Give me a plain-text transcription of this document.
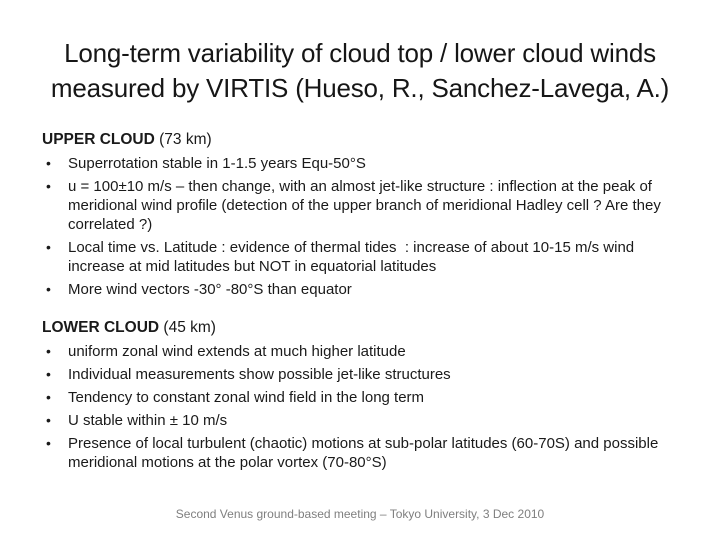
Long-term variability of cloud top / lower cloud winds
measured by VIRTIS (Hueso, R., Sanchez-Lavega, A.)

UPPER CLOUD (73 km)

• Superrotation stable in 1-1.5 years Equ-50°S
• u = 100±10 m/s – then change, with an almost jet-like structure : inflection at the peak of meridional wind profile (detection of the upper branch of meridional Hadley cell ? Are they correlated ?)
• Local time vs. Latitude : evidence of thermal tides  : increase of about 10-15 m/s wind increase at mid latitudes but NOT in equatorial latitudes
• More wind vectors -30° -80°S than equator

LOWER CLOUD (45 km)

• uniform zonal wind extends at much higher latitude
• Individual measurements show possible jet-like structures
• Tendency to constant zonal wind field in the long term
• U stable within ± 10 m/s
• Presence of local turbulent (chaotic) motions at sub-polar latitudes (60-70S) and possible meridional motions at the polar vortex (70-80°S)
Second Venus ground-based meeting – Tokyo University, 3 Dec 2010
